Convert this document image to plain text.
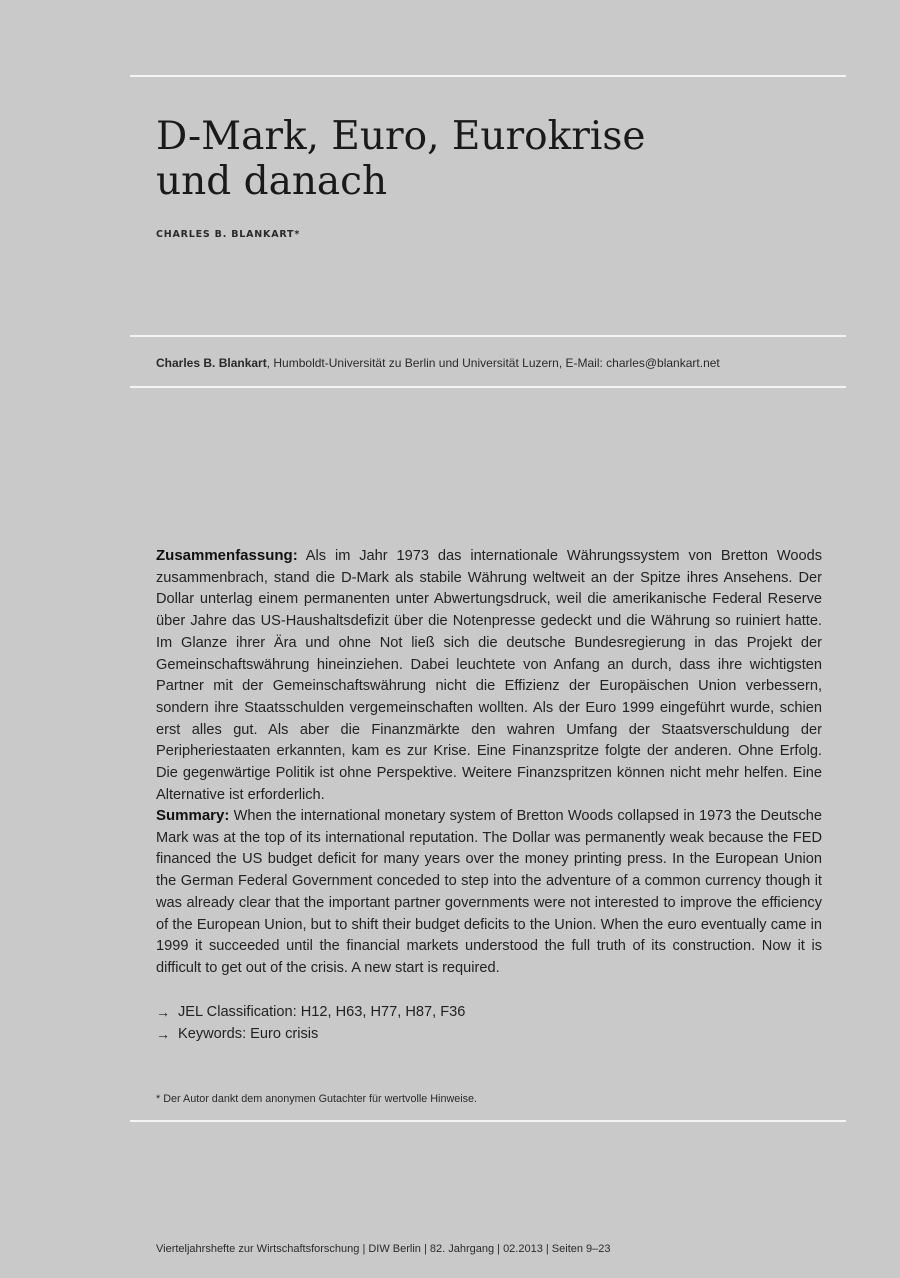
D-Mark, Euro, Eurokrise
und danach
CHARLES B. BLANKART*
Charles B. Blankart, Humboldt-Universität zu Berlin und Universität Luzern, E-Mail: charles@blankart.net

Zusammenfassung: Als im Jahr 1973 das internationale Währungssystem von Bretton Woods zusammenbrach, stand die D-Mark als stabile Währung weltweit an der Spitze ihres Ansehens. Der Dollar unterlag einem permanenten unter Abwertungsdruck, weil die amerikanische Federal Reserve über Jahre das US-Haushaltsdefizit über die Notenpresse gedeckt und die Währung so ruiniert hatte. Im Glanze ihrer Ära und ohne Not ließ sich die deutsche Bundesregierung in das Projekt der Gemeinschaftswährung hineinziehen. Dabei leuchtete von Anfang an durch, dass ihre wichtigsten Partner mit der Gemeinschaftswährung nicht die Effizienz der Europäischen Union verbessern, sondern ihre Staatsschulden vergemeinschaften wollten. Als der Euro 1999 eingeführt wurde, schien erst alles gut. Als aber die Finanzmärkte den wahren Umfang der Staatsverschuldung der Peripheriestaaten erkannten, kam es zur Krise. Eine Finanzspritze folgte der anderen. Ohne Erfolg. Die gegenwärtige Politik ist ohne Perspektive. Weitere Finanzspritzen können nicht mehr helfen. Eine Alternative ist erforderlich.

Summary: When the international monetary system of Bretton Woods collapsed in 1973 the Deutsche Mark was at the top of its international reputation. The Dollar was permanently weak because the FED financed the US budget deficit for many years over the money printing press. In the European Union the German Federal Government conceded to step into the adventure of a common currency though it was already clear that the important partner governments were not interested to improve the efficiency of the European Union, but to shift their budget deficits to the Union. When the euro eventually came in 1999 it succeeded until the financial markets understood the full truth of its construction. Now it is difficult to get out of the crisis. A new start is required.

→ JEL Classification: H12, H63, H77, H87, F36
→ Keywords: Euro crisis
* Der Autor dankt dem anonymen Gutachter für wertvolle Hinweise.
Vierteljahrshefte zur Wirtschaftsforschung | DIW Berlin | 82. Jahrgang | 02.2013 | Seiten 9–23
